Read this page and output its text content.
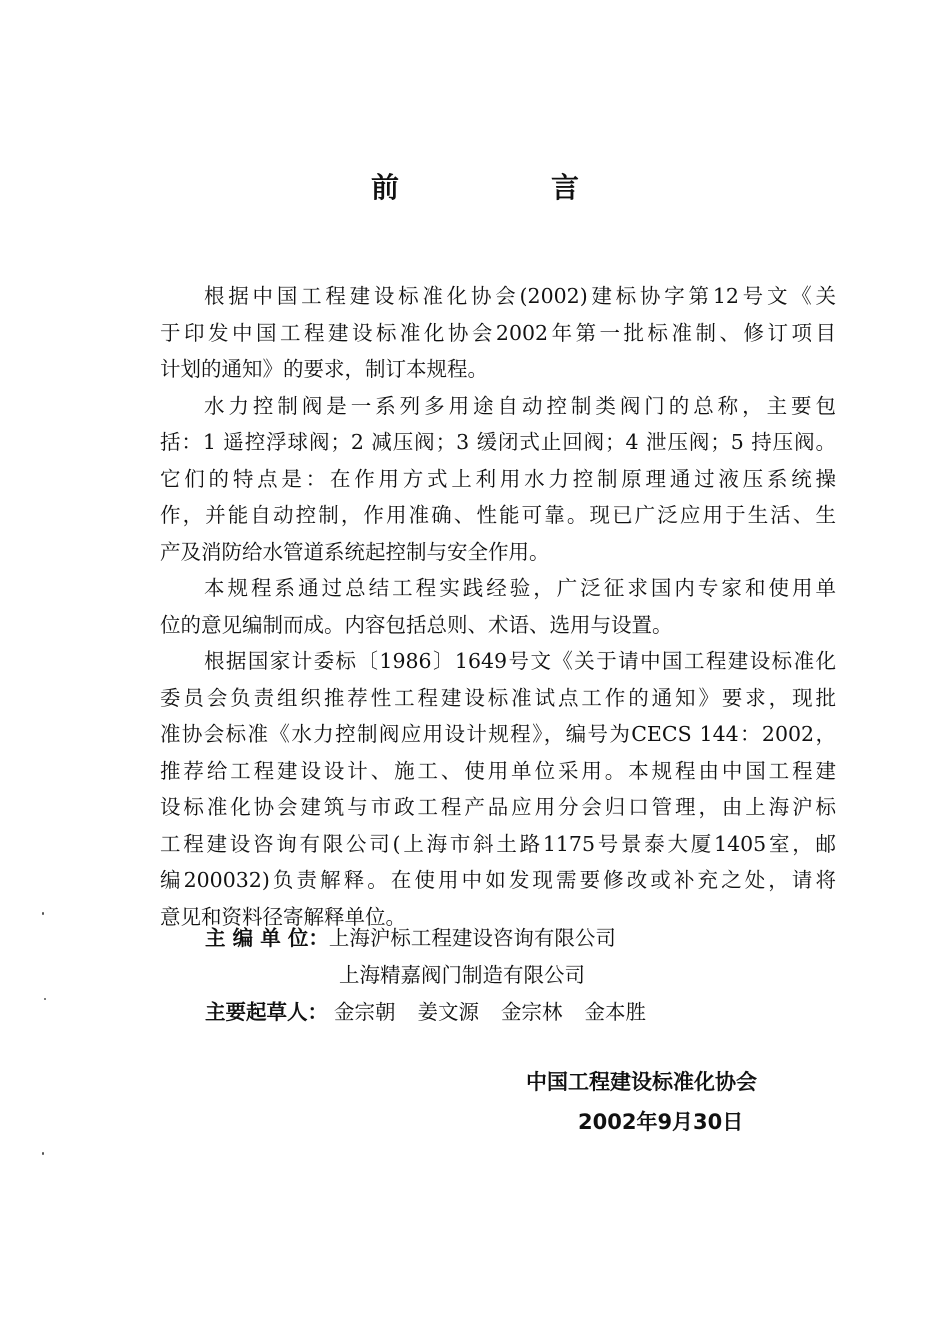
前　言

根据中国工程建设标准化协会(2002)建标协字第12号文《关
于印发中国工程建设标准化协会2002年第一批标准制、修订项目
计划的通知》的要求，制订本规程。

水力控制阀是一系列多用途自动控制类阀门的总称，主要包
括：1 遥控浮球阀；2 减压阀；3 缓闭式止回阀；4 泄压阀；5 持压阀。
它们的特点是：在作用方式上利用水力控制原理通过液压系统操
作，并能自动控制，作用准确、性能可靠。现已广泛应用于生活、生
产及消防给水管道系统起控制与安全作用。

本规程系通过总结工程实践经验，广泛征求国内专家和使用单
位的意见编制而成。内容包括总则、术语、选用与设置。

根据国家计委标〔1986〕1649号文《关于请中国工程建设标准化
委员会负责组织推荐性工程建设标准试点工作的通知》要求，现批
准协会标准《水力控制阀应用设计规程》，编号为CECS 144：2002，
推荐给工程建设设计、施工、使用单位采用。本规程由中国工程建
设标准化协会建筑与市政工程产品应用分会归口管理，由上海沪标
工程建设咨询有限公司(上海市斜土路1175号景泰大厦1405室，邮
编200032)负责解释。在使用中如发现需要修改或补充之处，请将
意见和资料径寄解释单位。

主 编 单 位：上海沪标工程建设咨询有限公司
上海精嘉阀门制造有限公司
主要起草人： 金宗朝 姜文源 金宗林 金本胜
中国工程建设标准化协会
2002年9月30日
